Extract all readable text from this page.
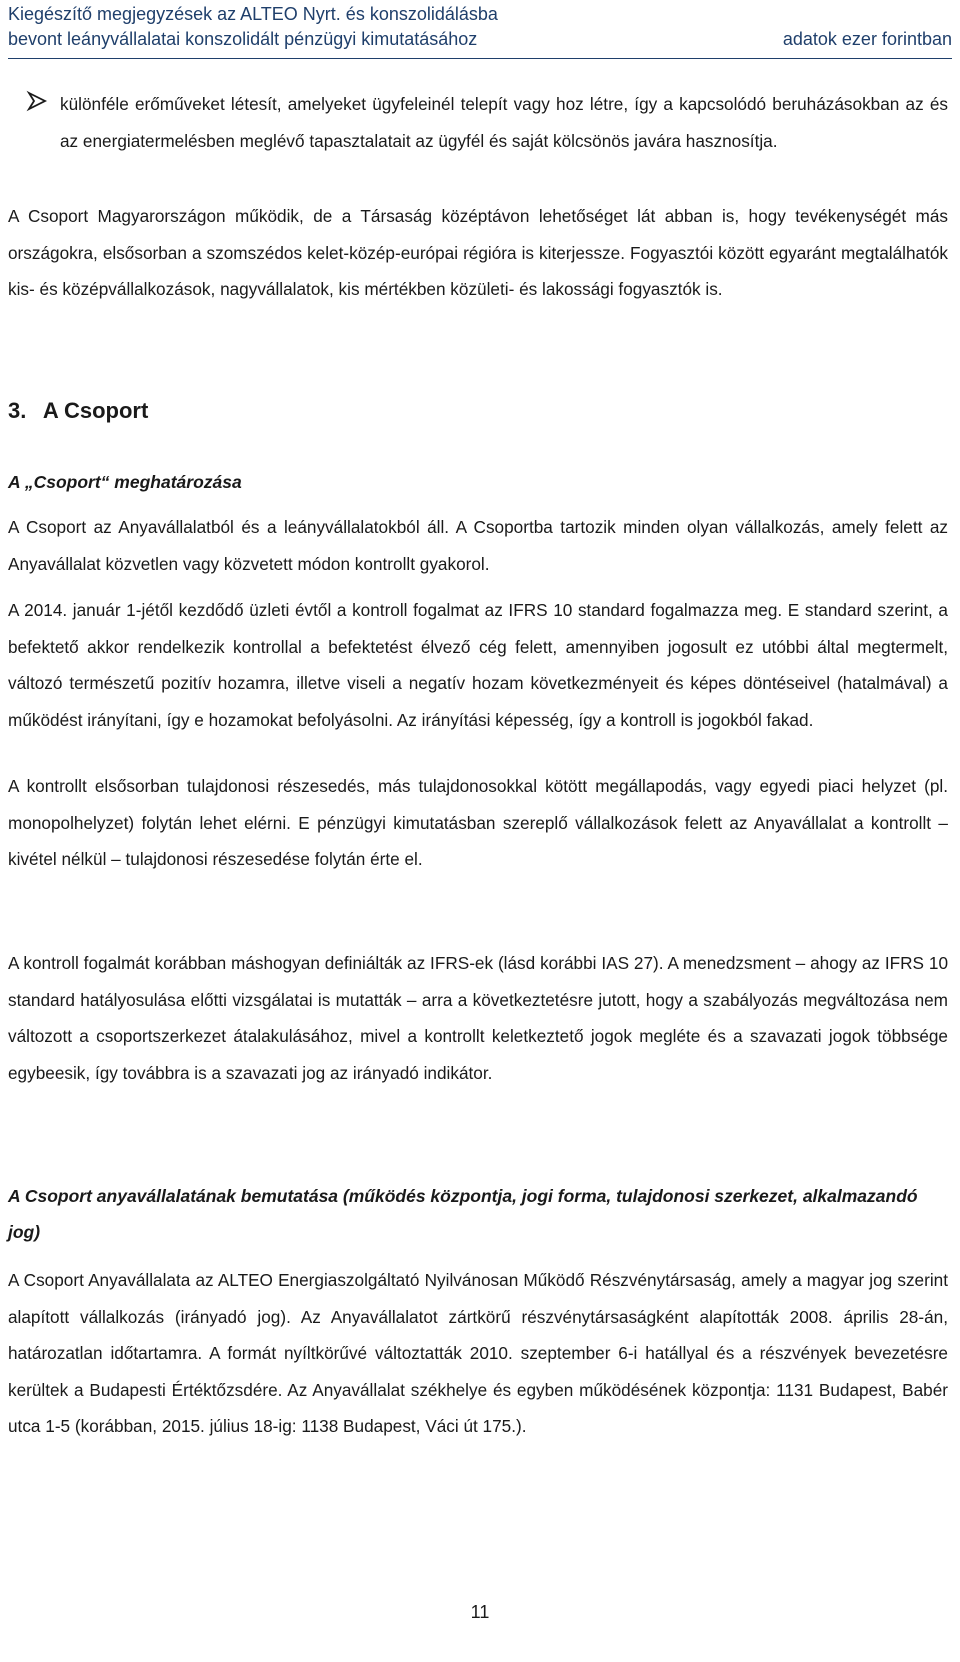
Kiegészítő megjegyzések az ALTEO Nyrt. és konszolidálásba
bevont leányvállalatai konszolidált pénzügyi kimutatásához	adatok ezer forintban

különféle erőműveket létesít, amelyeket ügyfeleinél telepít vagy hoz létre, így a kapcsolódó beruházásokban az és az energiatermelésben meglévő tapasztalatait az ügyfél és saját kölcsönös javára hasznosítja.

A Csoport Magyarországon működik, de a Társaság középtávon lehetőséget lát abban is, hogy tevékenységét más országokra, elsősorban a szomszédos kelet-közép-európai régióra is kiterjessze. Fogyasztói között egyaránt megtalálhatók kis- és középvállalkozások, nagyvállalatok, kis mértékben közületi- és lakossági fogyasztók is.

3. A Csoport

A „Csoport“ meghatározása

A Csoport az Anyavállalatból és a leányvállalatokból áll. A Csoportba tartozik minden olyan vállalkozás, amely felett az Anyavállalat közvetlen vagy közvetett módon kontrollt gyakorol.

A 2014. január 1-jétől kezdődő üzleti évtől a kontroll fogalmat az IFRS 10 standard fogalmazza meg. E standard szerint, a befektető akkor rendelkezik kontrollal a befektetést élvező cég felett, amennyiben jogosult ez utóbbi által megtermelt, változó természetű pozitív hozamra, illetve viseli a negatív hozam következményeit és képes döntéseivel (hatalmával) a működést irányítani, így e hozamokat befolyásolni. Az irányítási képesség, így a kontroll is jogokból fakad.

A kontrollt elsősorban tulajdonosi részesedés, más tulajdonosokkal kötött megállapodás, vagy egyedi piaci helyzet (pl. monopolhelyzet) folytán lehet elérni. E pénzügyi kimutatásban szereplő vállalkozások felett az Anyavállalat a kontrollt – kivétel nélkül – tulajdonosi részesedése folytán érte el.

A kontroll fogalmát korábban máshogyan definiálták az IFRS-ek (lásd korábbi IAS 27). A menedzsment – ahogy az IFRS 10 standard hatályosulása előtti vizsgálatai is mutatták – arra a következtetésre jutott, hogy a szabályozás megváltozása nem változott a csoportszerkezet átalakulásához, mivel a kontrollt keletkeztető jogok megléte és a szavazati jogok többsége egybeesik, így továbbra is a szavazati jog az irányadó indikátor.

A Csoport anyavállalatának bemutatása (működés központja, jogi forma, tulajdonosi szerkezet, alkalmazandó jog)

A Csoport Anyavállalata az ALTEO Energiaszolgáltató Nyilvánosan Működő Részvénytársaság, amely a magyar jog szerint alapított vállalkozás (irányadó jog). Az Anyavállalatot zártkörű részvénytársaságként alapították 2008. április 28-án, határozatlan időtartamra. A formát nyíltkörűvé változtatták 2010. szeptember 6-i hatállyal és a részvények bevezetésre kerültek a Budapesti Értéktőzsdére. Az Anyavállalat székhelye és egyben működésének központja: 1131 Budapest, Babér utca 1-5 (korábban, 2015. július 18-ig: 1138 Budapest, Váci út 175.).

11
